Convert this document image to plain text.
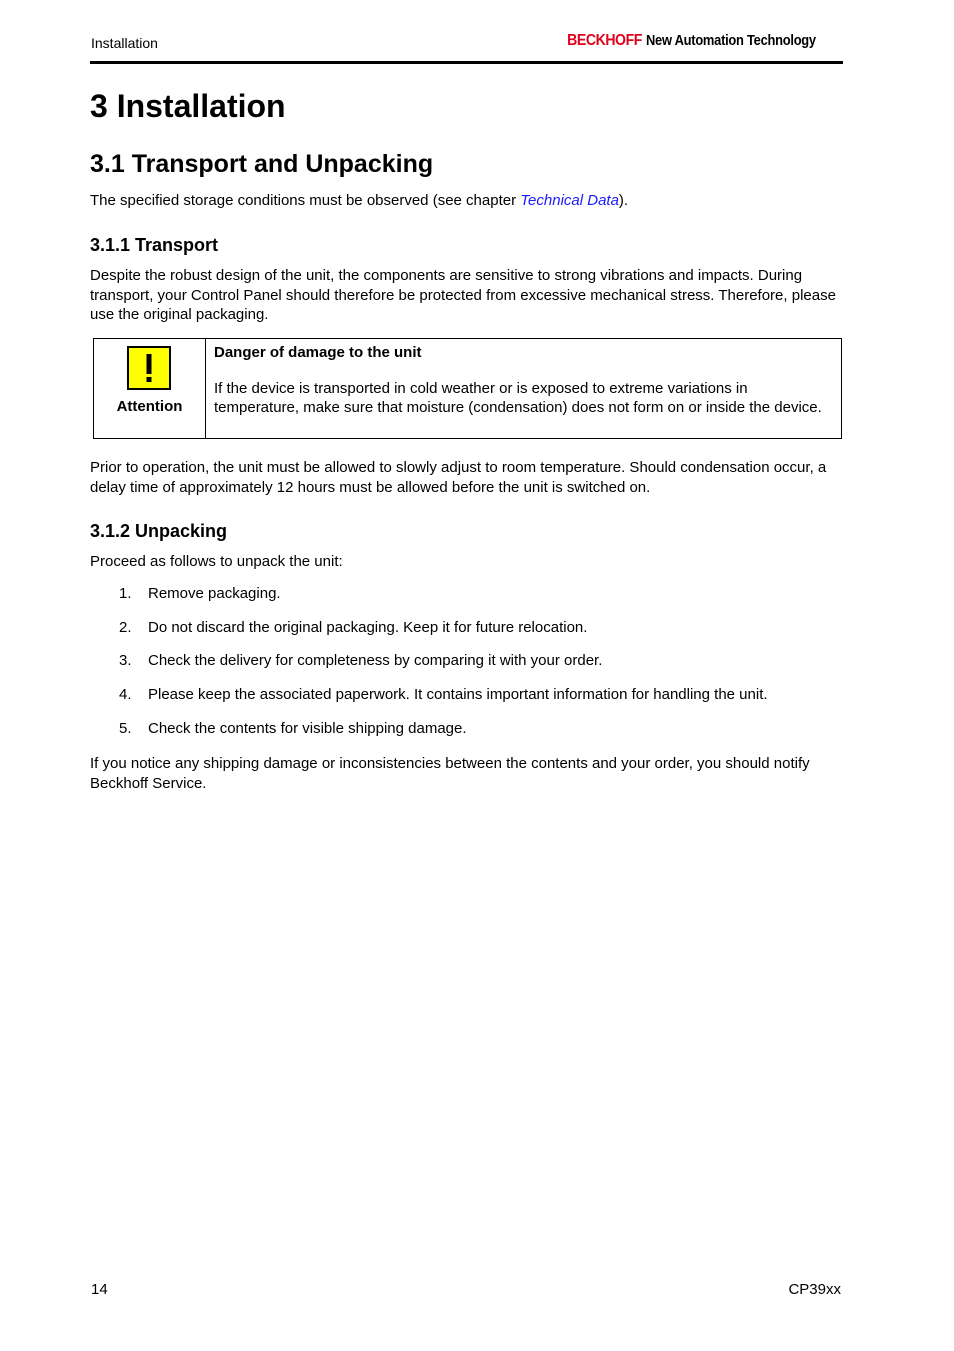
Installation	BECKHOFF New Automation Technology
3 Installation
3.1 Transport and Unpacking

The specified storage conditions must be observed (see chapter Technical Data).

3.1.1 Transport

Despite the robust design of the unit, the components are sensitive to strong vibrations and impacts. During transport, your Control Panel should therefore be protected from excessive mechanical stress. Therefore, please use the original packaging.

Attention
Danger of damage to the unit
If the device is transported in cold weather or is exposed to extreme variations in temperature, make sure that moisture (condensation) does not form on or inside the device.

Prior to operation, the unit must be allowed to slowly adjust to room temperature. Should condensation occur, a delay time of approximately 12 hours must be allowed before the unit is switched on.

3.1.2 Unpacking

Proceed as follows to unpack the unit:

1. Remove packaging.
2. Do not discard the original packaging. Keep it for future relocation.
3. Check the delivery for completeness by comparing it with your order.
4. Please keep the associated paperwork. It contains important information for handling the unit.
5. Check the contents for visible shipping damage.

If you notice any shipping damage or inconsistencies between the contents and your order, you should notify Beckhoff Service.

14	CP39xx
